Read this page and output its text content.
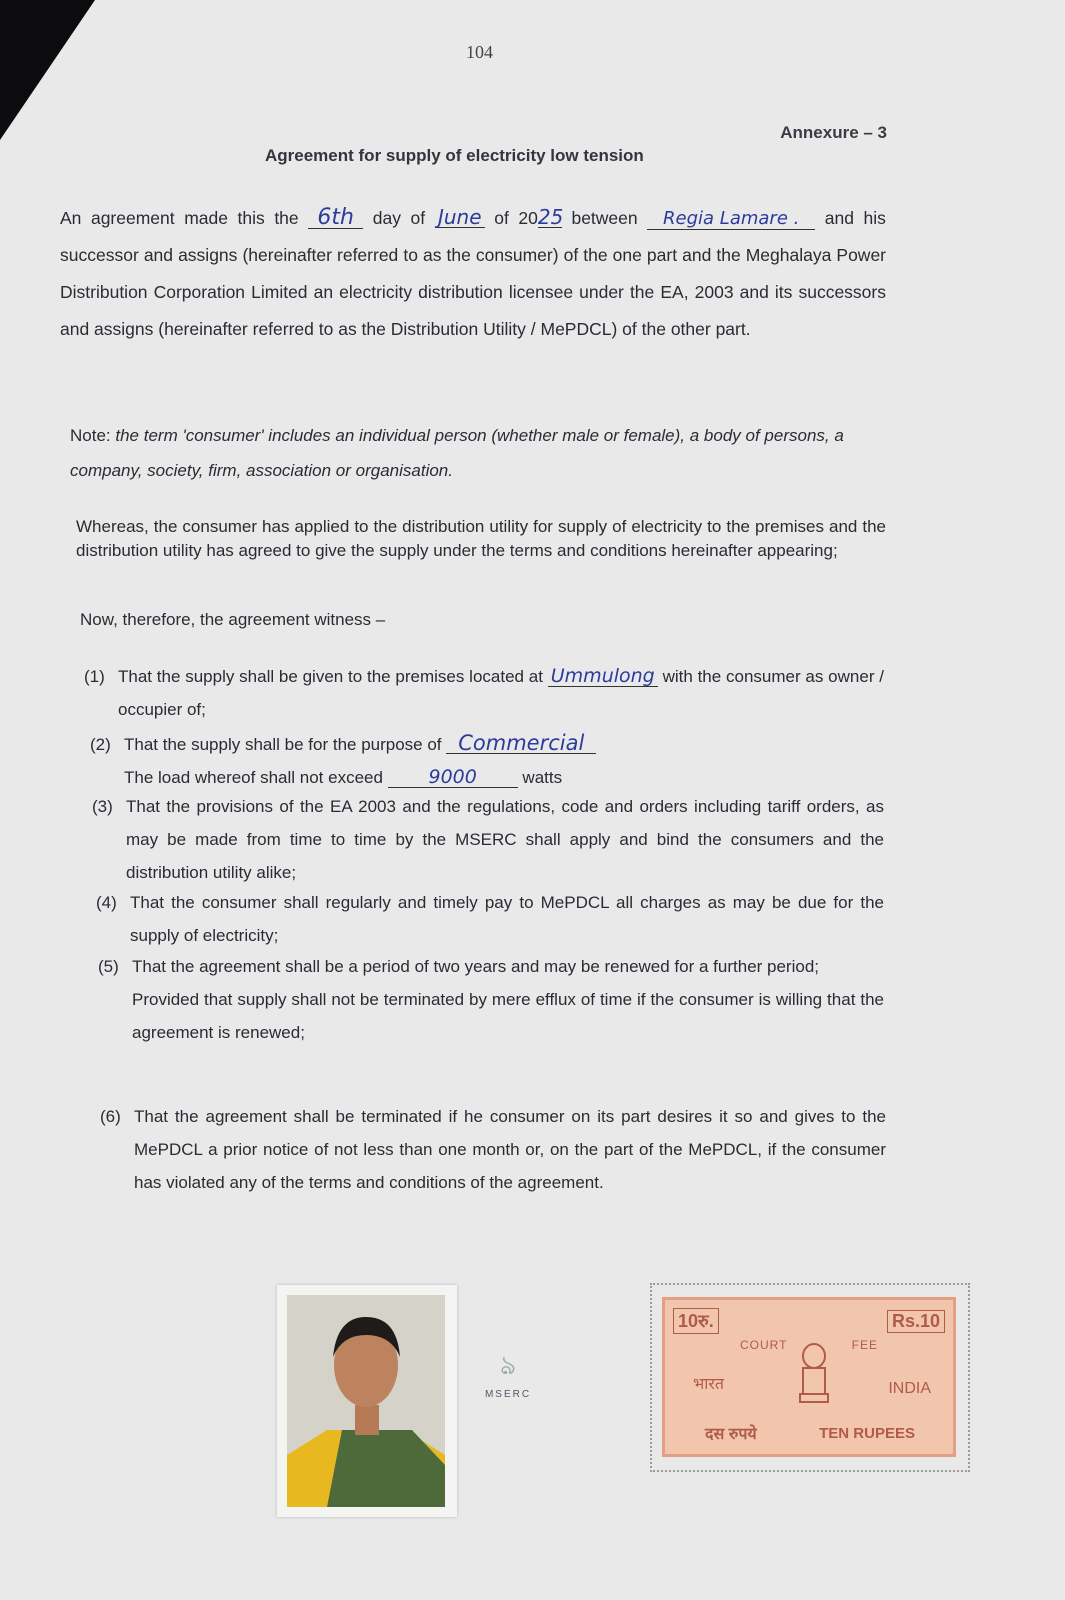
104
Annexure – 3
Agreement for supply of electricity low tension
An agreement made this the 6th day of June of 2025 between Regia Lamare . and his successor and assigns (hereinafter referred to as the consumer) of the one part and the Meghalaya Power Distribution Corporation Limited an electricity distribution licensee under the EA, 2003 and its successors and assigns (hereinafter referred to as the Distribution Utility / MePDCL) of the other part.
Note: the term 'consumer' includes an individual person (whether male or female), a body of persons, a company, society, firm, association or organisation.
Whereas, the consumer has applied to the distribution utility for supply of electricity to the premises and the distribution utility has agreed to give the supply under the terms and conditions hereinafter appearing;
Now, therefore, the agreement witness –
(1) That the supply shall be given to the premises located at Ummulong with the consumer as owner / occupier of;
(2) That the supply shall be for the purpose of Commercial
The load whereof shall not exceed 9000	watts
(3) That the provisions of the EA 2003 and the regulations, code and orders including tariff orders, as may be made from time to time by the MSERC shall apply and bind the consumers and the distribution utility alike;
(4) That the consumer shall regularly and timely pay to MePDCL all charges as may be due for the supply of electricity;
(5) That the agreement shall be a period of two years and may be renewed for a further period;
Provided that supply shall not be terminated by mere efflux of time if the consumer is willing that the agreement is renewed;
(6) That the agreement shall be terminated if he consumer on its part desires it so and gives to the MePDCL a prior notice of not less than one month or, on the part of the MePDCL, if the consumer has violated any of the terms and conditions of the agreement.
ঌ
MSERC
10रु.	Rs.10
COURT	FEE
भारत	INDIA
दस रुपये	TEN RUPEES
